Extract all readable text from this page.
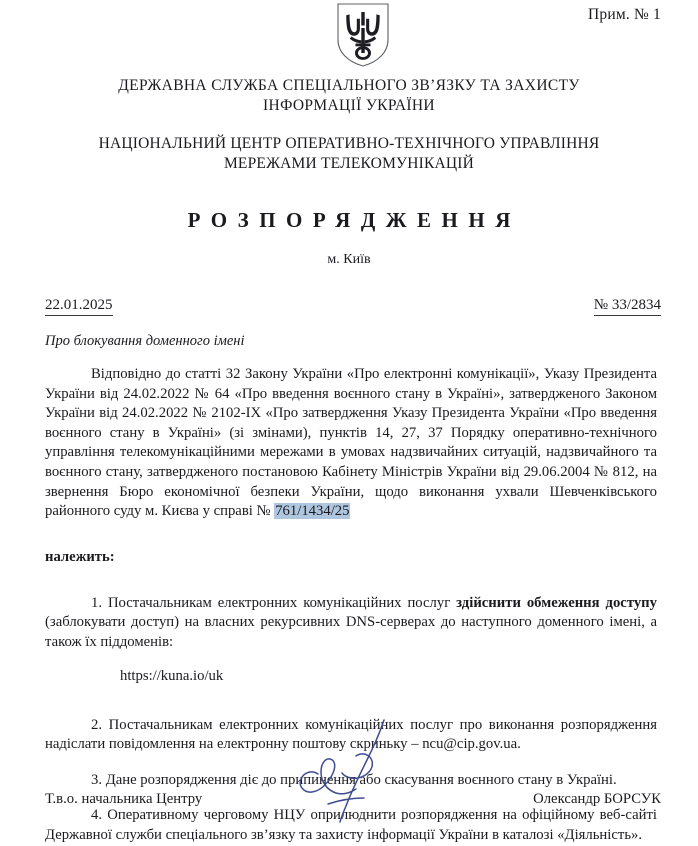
Прим. № 1
ДЕРЖАВНА СЛУЖБА СПЕЦІАЛЬНОГО ЗВ’ЯЗКУ ТА ЗАХИСТУ ІНФОРМАЦІЇ УКРАЇНИ
НАЦІОНАЛЬНИЙ ЦЕНТР ОПЕРАТИВНО-ТЕХНІЧНОГО УПРАВЛІННЯ МЕРЕЖАМИ ТЕЛЕКОМУНІКАЦІЙ
РОЗПОРЯДЖЕННЯ
м. Київ
22.01.2025	№ 33/2834
Про блокування доменного імені

Відповідно до статті 32 Закону України «Про електронні комунікації», Указу Президента України від 24.02.2022 № 64 «Про введення воєнного стану в Україні», затвердженого Законом України від 24.02.2022 № 2102-IX «Про затвердження Указу Президента України «Про введення воєнного стану в Україні» (зі змінами), пунктів 14, 27, 37 Порядку оперативно-технічного управління телекомунікаційними мережами в умовах надзвичайних ситуацій, надзвичайного та воєнного стану, затвердженого постановою Кабінету Міністрів України від 29.06.2004 № 812, на звернення Бюро економічної безпеки України, щодо виконання ухвали Шевченківського районного суду м. Києва у справі № 761/1434/25

належить:

1. Постачальникам електронних комунікаційних послуг здійснити обмеження доступу (заблокувати доступ) на власних рекурсивних DNS-серверах до наступного доменного імені, а також їх піддоменів:

https://kuna.io/uk

2. Постачальникам електронних комунікаційних послуг про виконання розпорядження надіслати повідомлення на електронну поштову скриньку – ncu@cip.gov.ua.

3. Дане розпорядження діє до припинення або скасування воєнного стану в Україні.

4. Оперативному черговому НЦУ оприлюднити розпорядження на офіційному веб-сайті Державної служби спеціального зв’язку та захисту інформації України в каталозі «Діяльність».

Т.в.о. начальника Центру	Олександр БОРСУК
